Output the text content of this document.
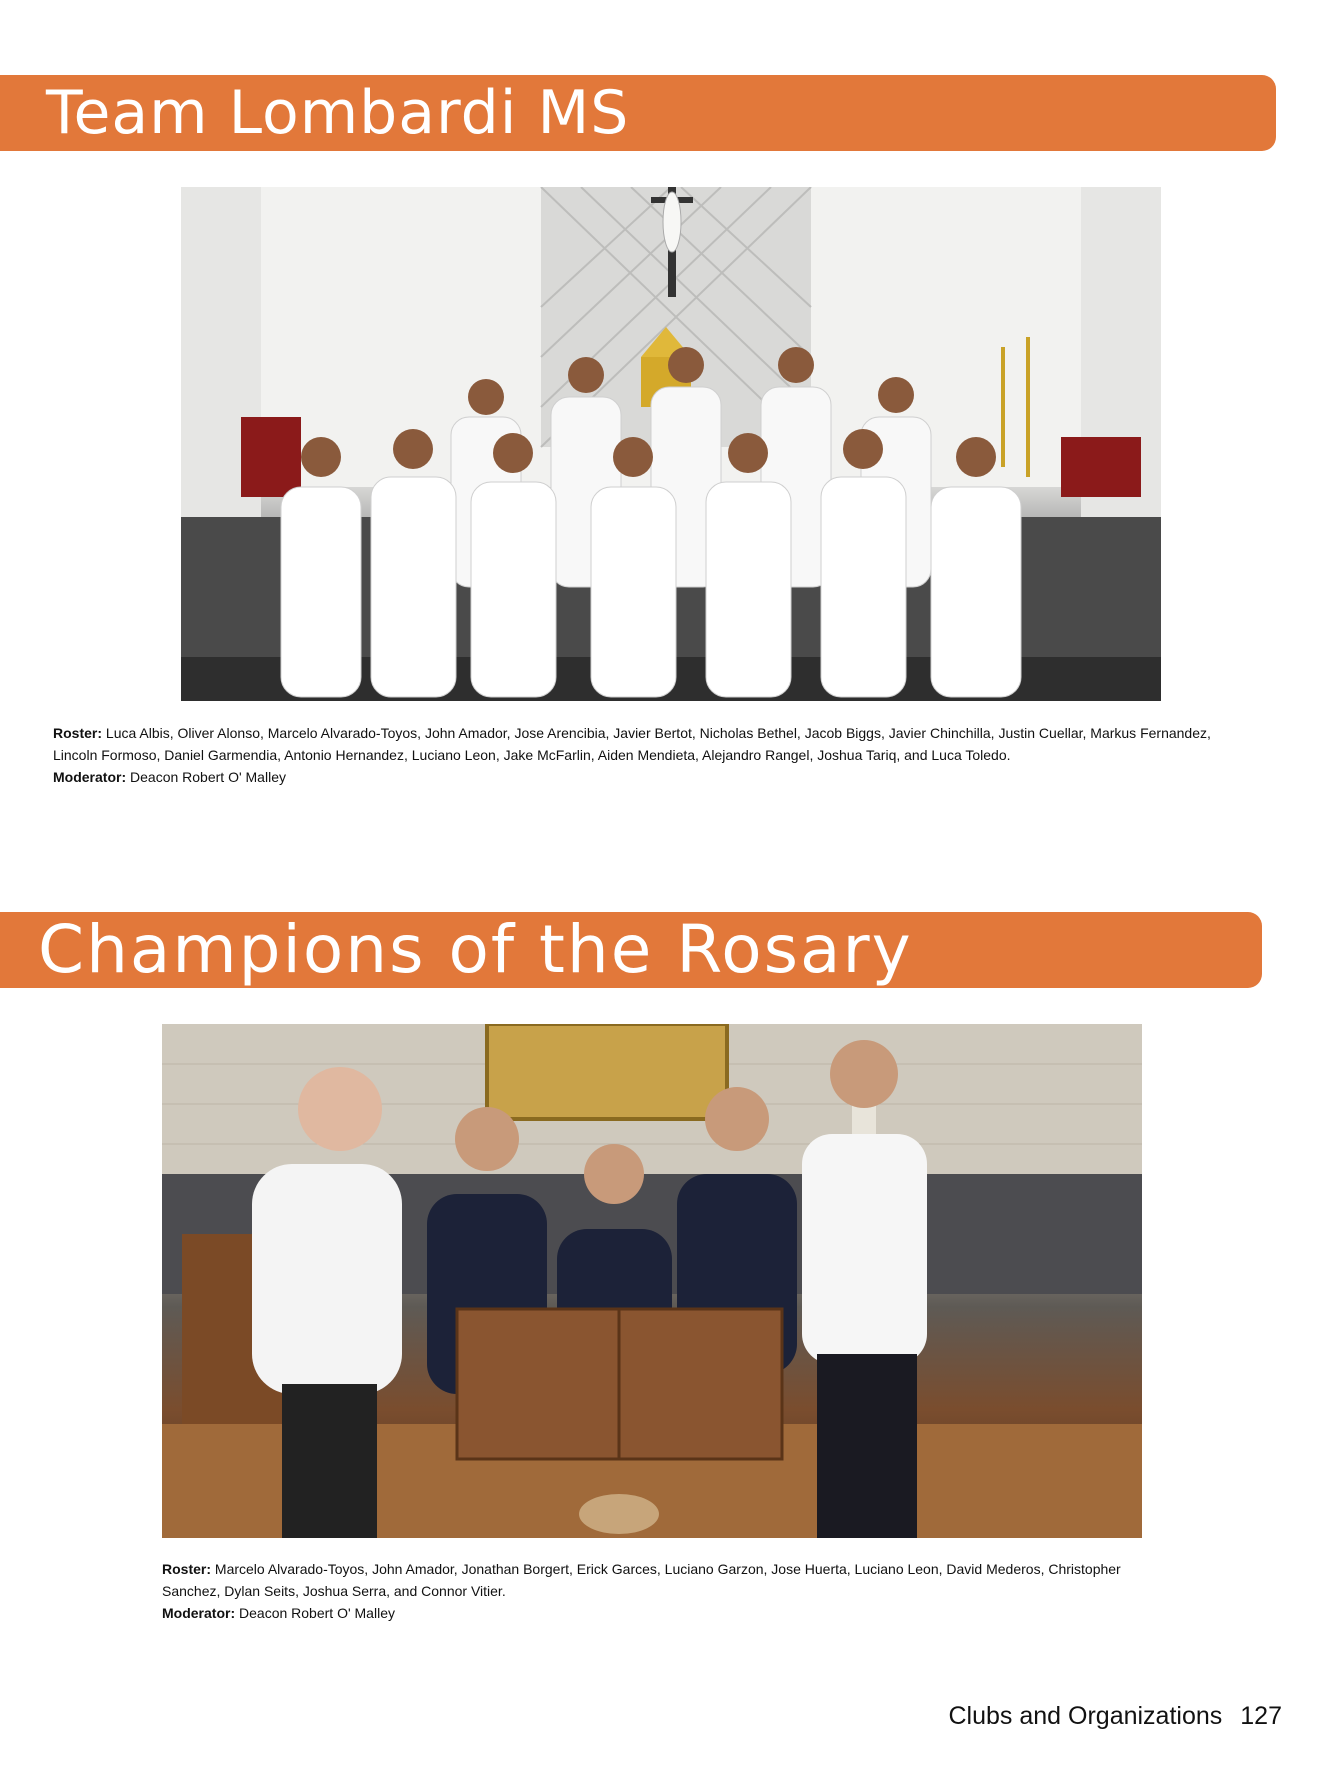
Team Lombardi MS
Roster: Luca Albis, Oliver Alonso, Marcelo Alvarado-Toyos, John Amador, Jose Arencibia, Javier Bertot, Nicholas Bethel, Jacob Biggs, Javier Chinchilla, Justin Cuellar, Markus Fernandez, Lincoln Formoso, Daniel Garmendia, Antonio Hernandez, Luciano Leon, Jake McFarlin, Aiden Mendieta, Alejandro Rangel, Joshua Tariq, and Luca Toledo.
Moderator: Deacon Robert O' Malley
Champions of the Rosary
Roster: Marcelo Alvarado-Toyos, John Amador, Jonathan Borgert, Erick Garces, Luciano Garzon, Jose Huerta, Luciano Leon, David Mederos, Christopher Sanchez, Dylan Seits, Joshua Serra, and Connor Vitier.
Moderator: Deacon Robert O' Malley
Clubs and Organizations 127
